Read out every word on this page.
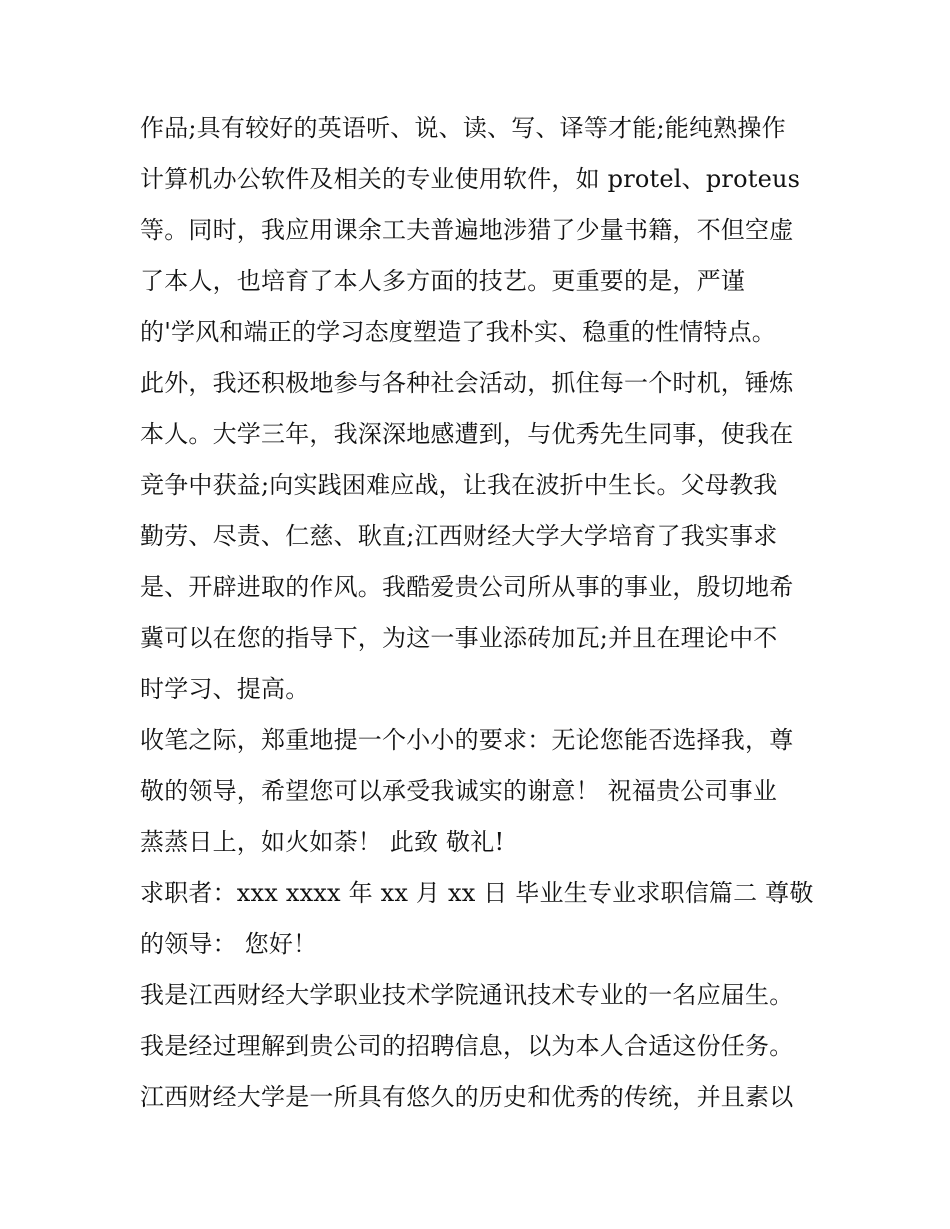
作品;具有较好的英语听、说、读、写、译等才能;能纯熟操作
计算机办公软件及相关的专业使用软件，如 protel、proteus
等。同时，我应用课余工夫普遍地涉猎了少量书籍，不但空虚
了本人，也培育了本人多方面的技艺。更重要的是，严谨
的'学风和端正的学习态度塑造了我朴实、稳重的性情特点。
此外，我还积极地参与各种社会活动，抓住每一个时机，锤炼
本人。大学三年，我深深地感遭到，与优秀先生同事，使我在
竞争中获益;向实践困难应战，让我在波折中生长。父母教我
勤劳、尽责、仁慈、耿直;江西财经大学大学培育了我实事求
是、开辟进取的作风。我酷爱贵公司所从事的事业，殷切地希
冀可以在您的指导下，为这一事业添砖加瓦;并且在理论中不
时学习、提高。
收笔之际，郑重地提一个小小的要求：无论您能否选择我，尊
敬的领导，希望您可以承受我诚实的谢意！ 祝福贵公司事业
蒸蒸日上，如火如荼！ 此致 敬礼!
求职者：xxx xxxx 年 xx 月 xx 日 毕业生专业求职信篇二 尊敬
的领导： 您好！
我是江西财经大学职业技术学院通讯技术专业的一名应届生。
我是经过理解到贵公司的招聘信息，以为本人合适这份任务。
江西财经大学是一所具有悠久的历史和优秀的传统，并且素以
